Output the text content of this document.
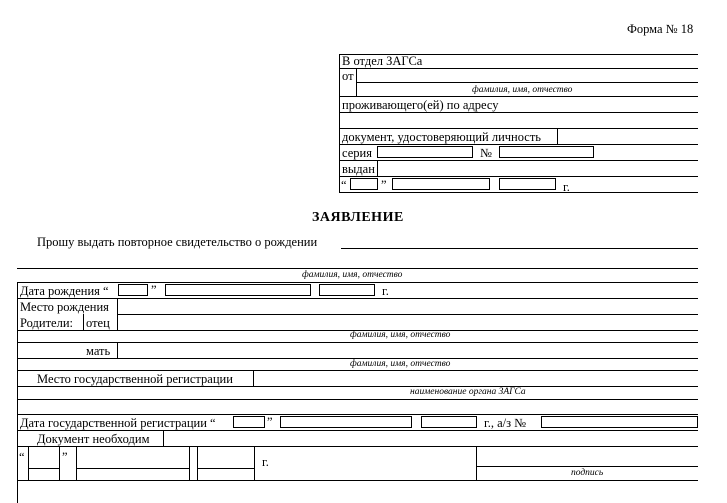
Форма № 18
В отдел ЗАГСа
от
фамилия, имя, отчество
проживающего(ей) по адресу
документ, удостоверяющий личность
серия	№
выдан
“	”	г.
ЗАЯВЛЕНИЕ
Прошу выдать повторное свидетельство о рождении
фамилия, имя, отчество
Дата рождения “	”	г.
Место рождения
Родители: отец
фамилия, имя, отчество
мать
фамилия, имя, отчество
Место государственной регистрации
наименование органа ЗАГСа
Дата государственной регистрации “	”	г., а/з №
Документ необходим
“	”	г.
подпись
